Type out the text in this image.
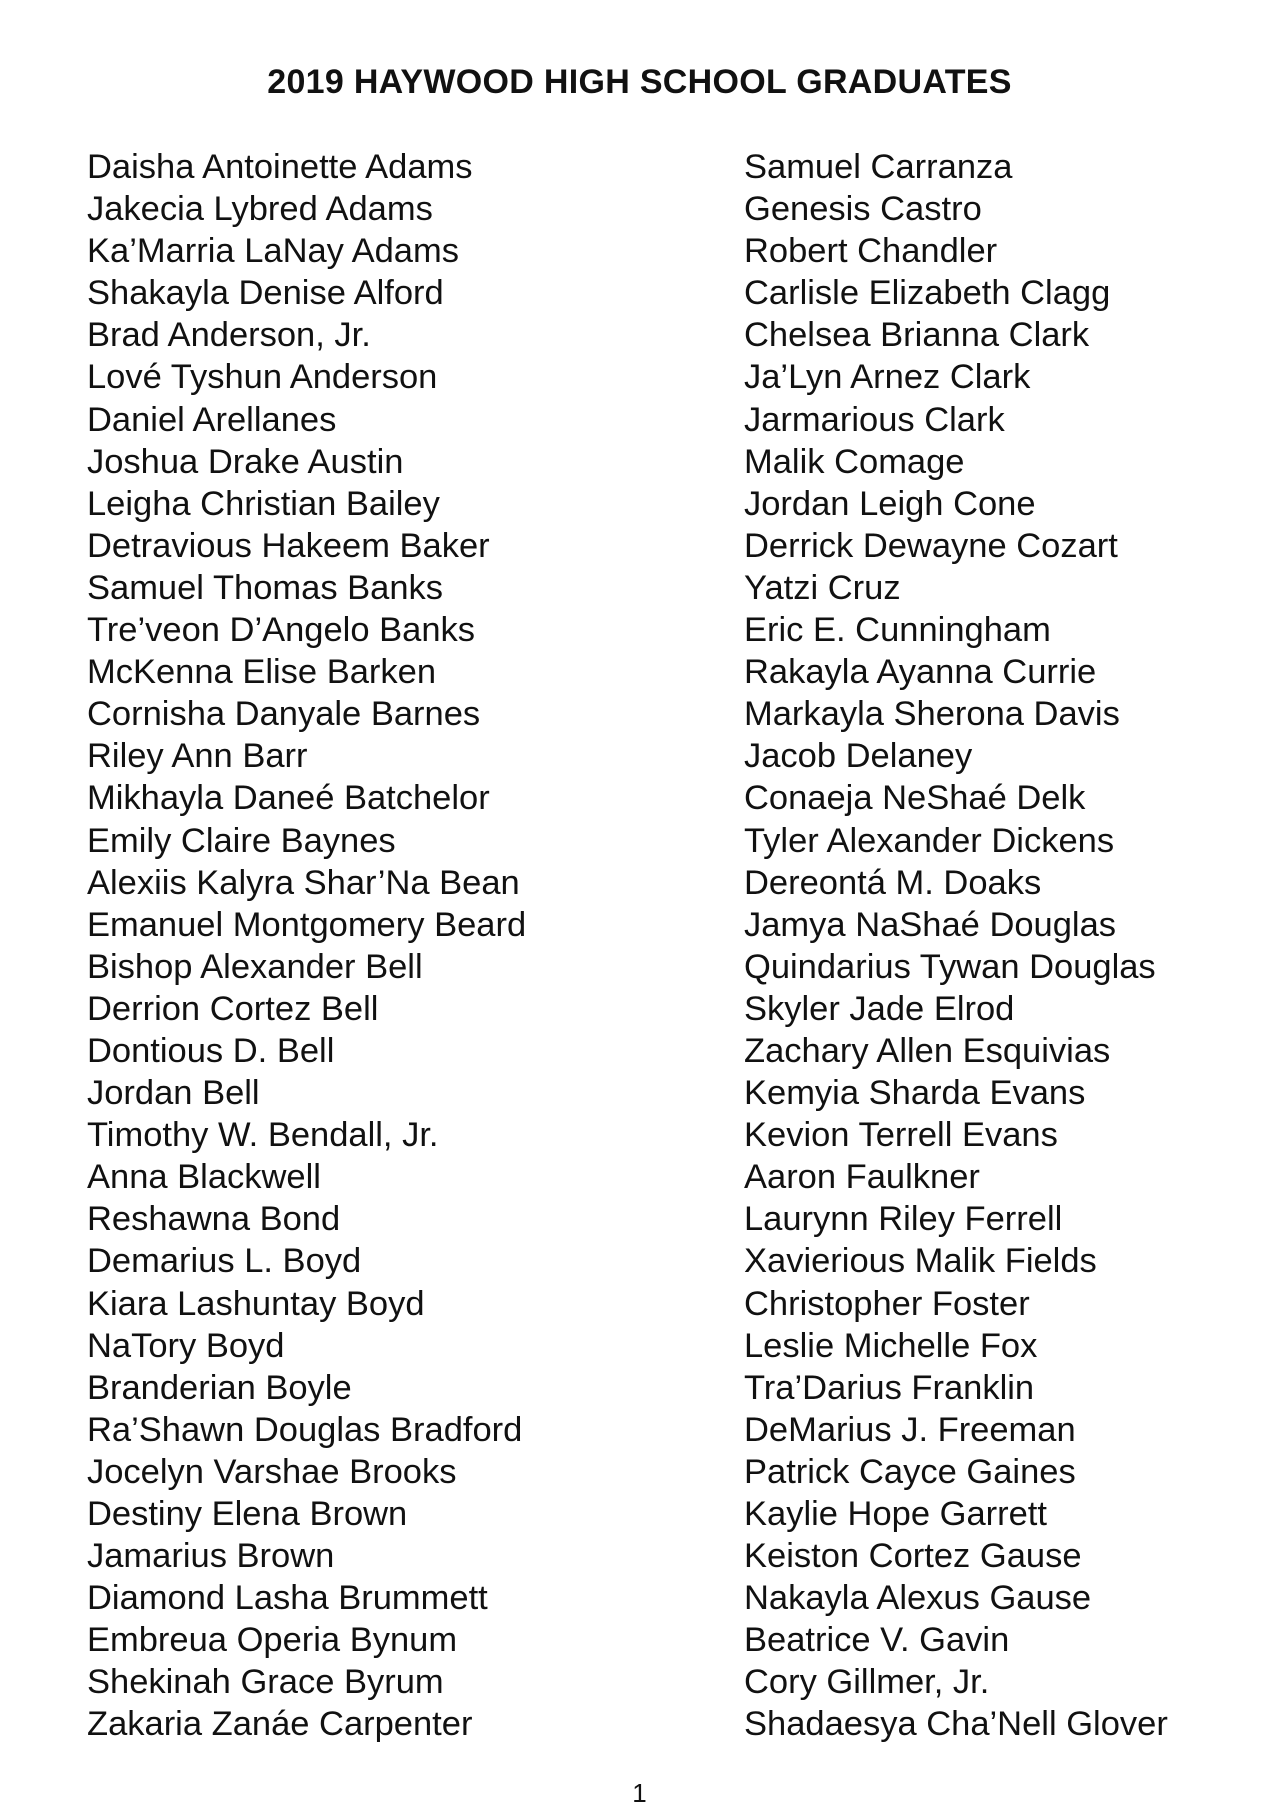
2019 HAYWOOD HIGH SCHOOL GRADUATES
Daisha Antoinette Adams
Jakecia Lybred Adams
Ka’Marria LaNay Adams
Shakayla Denise Alford
Brad Anderson, Jr.
Lové Tyshun Anderson
Daniel Arellanes
Joshua Drake Austin
Leigha Christian Bailey
Detravious Hakeem Baker
Samuel Thomas Banks
Tre’veon D’Angelo Banks
McKenna Elise Barken
Cornisha Danyale Barnes
Riley Ann Barr
Mikhayla Daneé Batchelor
Emily Claire Baynes
Alexiis Kalyra Shar’Na Bean
Emanuel Montgomery Beard
Bishop Alexander Bell
Derrion Cortez Bell
Dontious D. Bell
Jordan Bell
Timothy W. Bendall, Jr.
Anna Blackwell
Reshawna Bond
Demarius L. Boyd
Kiara Lashuntay Boyd
NaTory Boyd
Branderian Boyle
Ra’Shawn Douglas Bradford
Jocelyn Varshae Brooks
Destiny Elena Brown
Jamarius Brown
Diamond Lasha Brummett
Embreua Operia Bynum
Shekinah Grace Byrum
Zakaria Zanáe Carpenter
Samuel Carranza
Genesis Castro
Robert Chandler
Carlisle Elizabeth Clagg
Chelsea Brianna Clark
Ja’Lyn Arnez Clark
Jarmarious Clark
Malik Comage
Jordan Leigh Cone
Derrick Dewayne Cozart
Yatzi Cruz
Eric E. Cunningham
Rakayla Ayanna Currie
Markayla Sherona Davis
Jacob Delaney
Conaeja NeShaé Delk
Tyler Alexander Dickens
Dereontá M. Doaks
Jamya NaShaé Douglas
Quindarius Tywan Douglas
Skyler Jade Elrod
Zachary Allen Esquivias
Kemyia Sharda Evans
Kevion Terrell Evans
Aaron Faulkner
Laurynn Riley Ferrell
Xavierious Malik Fields
Christopher Foster
Leslie Michelle Fox
Tra’Darius Franklin
DeMarius J. Freeman
Patrick Cayce Gaines
Kaylie Hope Garrett
Keiston Cortez Gause
Nakayla Alexus Gause
Beatrice V. Gavin
Cory Gillmer, Jr.
Shadaesya Cha’Nell Glover
1
